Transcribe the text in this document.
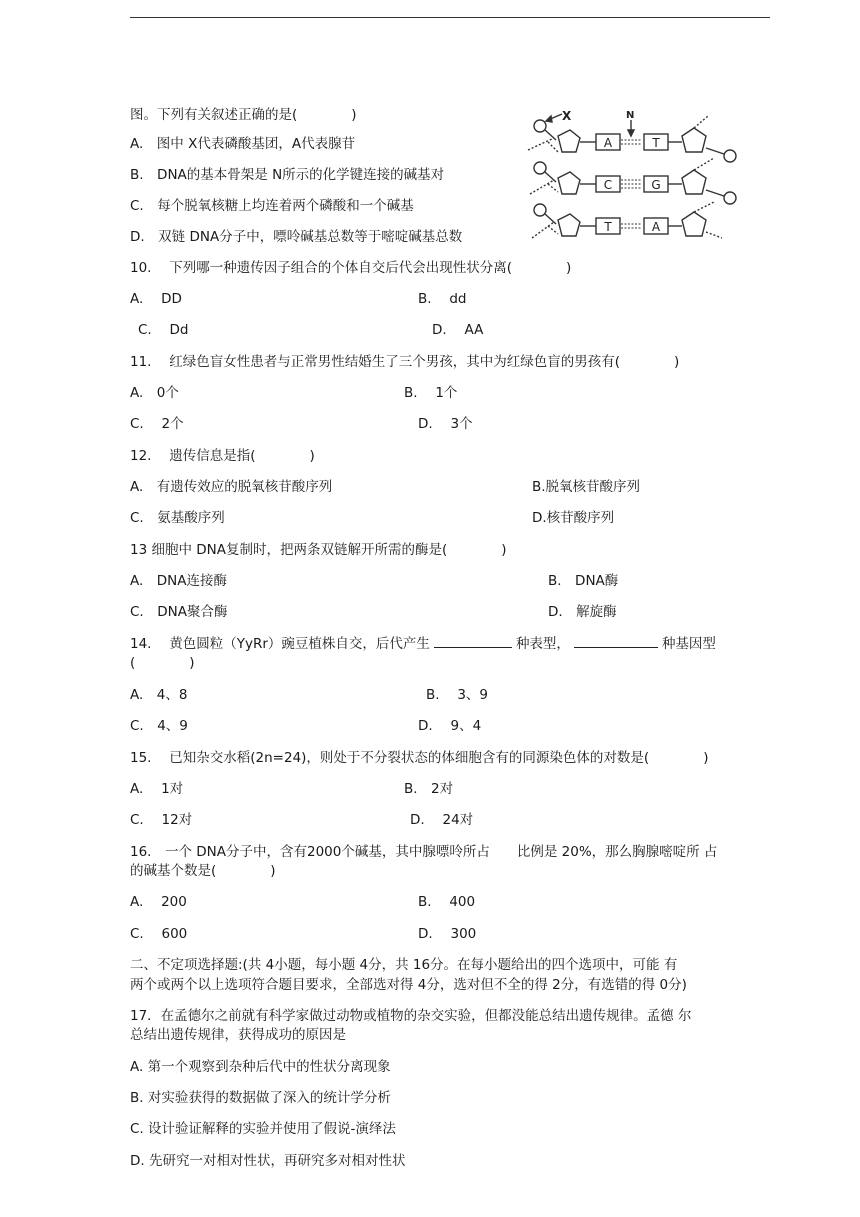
图。下列有关叙述正确的是(　　　　)
A.　图中 X代表磷酸基团，A代表腺苷
B.　DNA的基本骨架是 N所示的化学键连接的碱基对
C.　每个脱氧核糖上均连着两个磷酸和一个碱基
D.　双链 DNA分子中，嘌呤碱基总数等于嘧啶碱基总数
X	N
A	T
C	G
T	A
10.　 下列哪一种遗传因子组合的个体自交后代会出现性状分离(　　　　)
A.　 DD	B.　 dd
C.　 Dd	D.　 AA
11.　 红绿色盲女性患者与正常男性结婚生了三个男孩，其中为红绿色盲的男孩有(　　　　)
A.　0个	B.　 1个
C.　 2个	D.　 3个
12.　 遗传信息是指(　　　　)
A.　有遗传效应的脱氧核苷酸序列	B.脱氧核苷酸序列
C.　氨基酸序列	D.核苷酸序列
13 细胞中 DNA复制时，把两条双链解开所需的酶是(　　　　)
A.　DNA连接酶	B.　DNA酶
C.　DNA聚合酶	D.　解旋酶
14.　 黄色圆粒（YyRr）豌豆植株自交，后代产生	种表型，	种基因型
(　　　　)
A.　4、8	B.　 3、9
C.　4、9	D.　 9、4
15.　 已知杂交水稻(2n=24)，则处于不分裂状态的体细胞含有的同源染色体的对数是(　　　　)
A.　 1对	B.　2对
C.　 12对	D.　 24对
16.　一个 DNA分子中，含有2000个碱基，其中腺嘌呤所占　　比例是 20%，那么胸腺嘧啶所 占
的碱基个数是(　　　　)
A.　 200	B.　 400
C.　 600	D.　 300
二、不定项选择题:(共 4小题，每小题 4分，共 16分。在每小题给出的四个选项中，可能 有
两个或两个以上选项符合题目要求，全部选对得 4分，选对但不全的得 2分，有选错的得 0分)
17．在孟德尔之前就有科学家做过动物或植物的杂交实验，但都没能总结出遗传规律。孟德 尔
总结出遗传规律，获得成功的原因是
A. 第一个观察到杂种后代中的性状分离现象
B. 对实验获得的数据做了深入的统计学分析
C. 设计验证解释的实验并使用了假说-演绎法
D. 先研究一对相对性状，再研究多对相对性状
